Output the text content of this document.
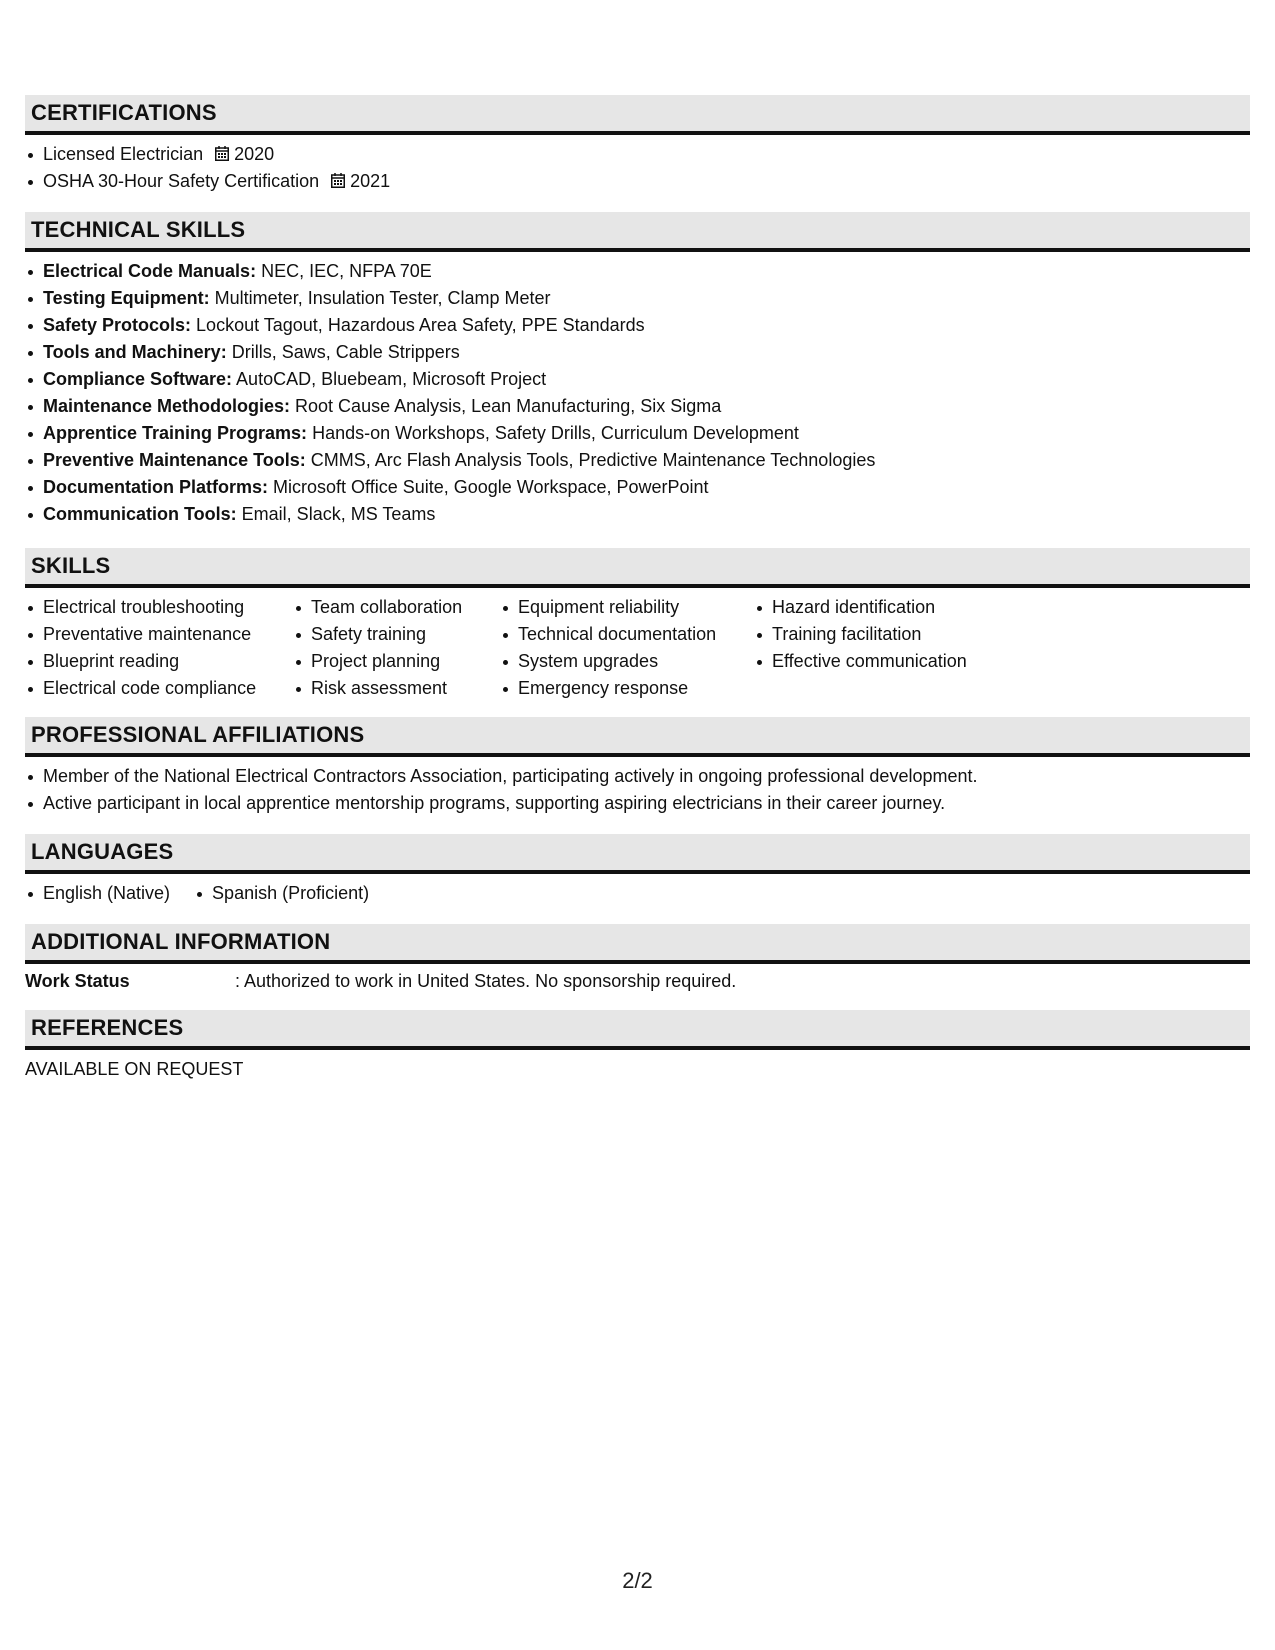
CERTIFICATIONS
Licensed Electrician 2020
OSHA 30-Hour Safety Certification 2021
TECHNICAL SKILLS
Electrical Code Manuals: NEC, IEC, NFPA 70E
Testing Equipment: Multimeter, Insulation Tester, Clamp Meter
Safety Protocols: Lockout Tagout, Hazardous Area Safety, PPE Standards
Tools and Machinery: Drills, Saws, Cable Strippers
Compliance Software: AutoCAD, Bluebeam, Microsoft Project
Maintenance Methodologies: Root Cause Analysis, Lean Manufacturing, Six Sigma
Apprentice Training Programs: Hands-on Workshops, Safety Drills, Curriculum Development
Preventive Maintenance Tools: CMMS, Arc Flash Analysis Tools, Predictive Maintenance Technologies
Documentation Platforms: Microsoft Office Suite, Google Workspace, PowerPoint
Communication Tools: Email, Slack, MS Teams
SKILLS
Electrical troubleshooting
Preventative maintenance
Blueprint reading
Electrical code compliance
Team collaboration
Safety training
Project planning
Risk assessment
Equipment reliability
Technical documentation
System upgrades
Emergency response
Hazard identification
Training facilitation
Effective communication
PROFESSIONAL AFFILIATIONS
Member of the National Electrical Contractors Association, participating actively in ongoing professional development.
Active participant in local apprentice mentorship programs, supporting aspiring electricians in their career journey.
LANGUAGES
English (Native)	Spanish (Proficient)
ADDITIONAL INFORMATION
Work Status	: Authorized to work in United States. No sponsorship required.
REFERENCES
AVAILABLE ON REQUEST
2/2
